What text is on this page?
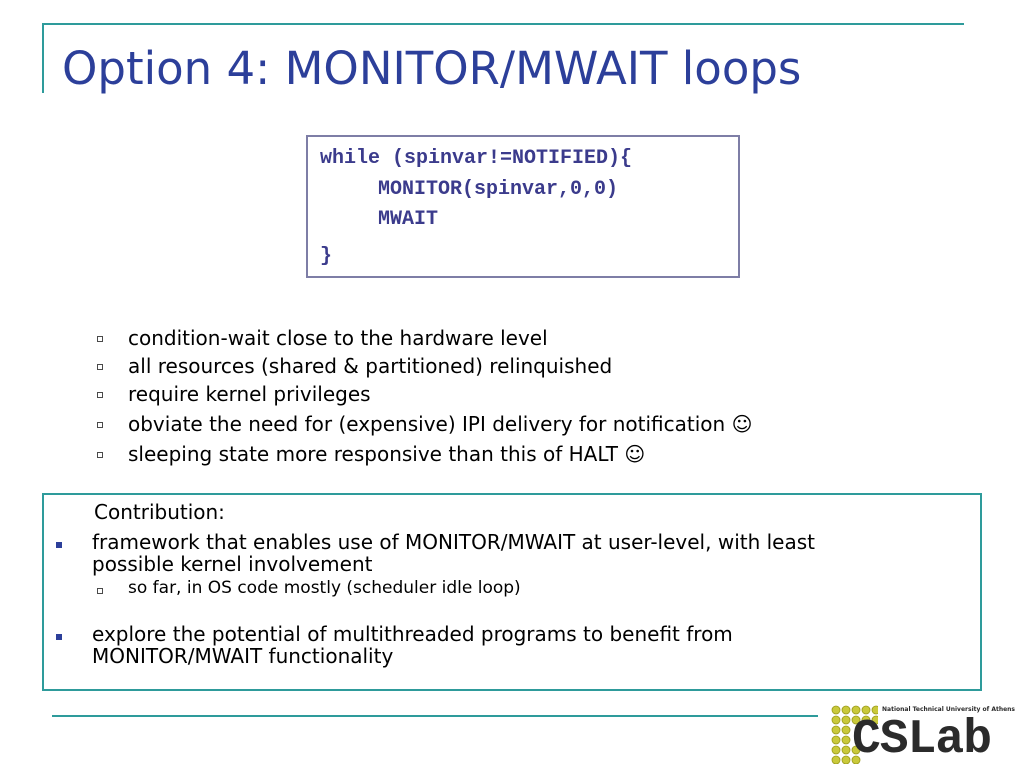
Option 4: MONITOR/MWAIT loops

while (spinvar!=NOTIFIED){

MONITOR(spinvar,0,0)

MWAIT

}

condition-wait close to the hardware level
all resources (shared & partitioned) relinquished
require kernel privileges
obviate the need for (expensive) IPI delivery for notification ☺
sleeping state more responsive than this of HALT ☺

Contribution:

framework that enables use of MONITOR/MWAIT at user-level, with least

possible kernel involvement

so far, in OS code mostly (scheduler idle loop)

explore the potential of multithreaded programs to benefit from

MONITOR/MWAIT functionality

National Technical University of Athens

CSLab
